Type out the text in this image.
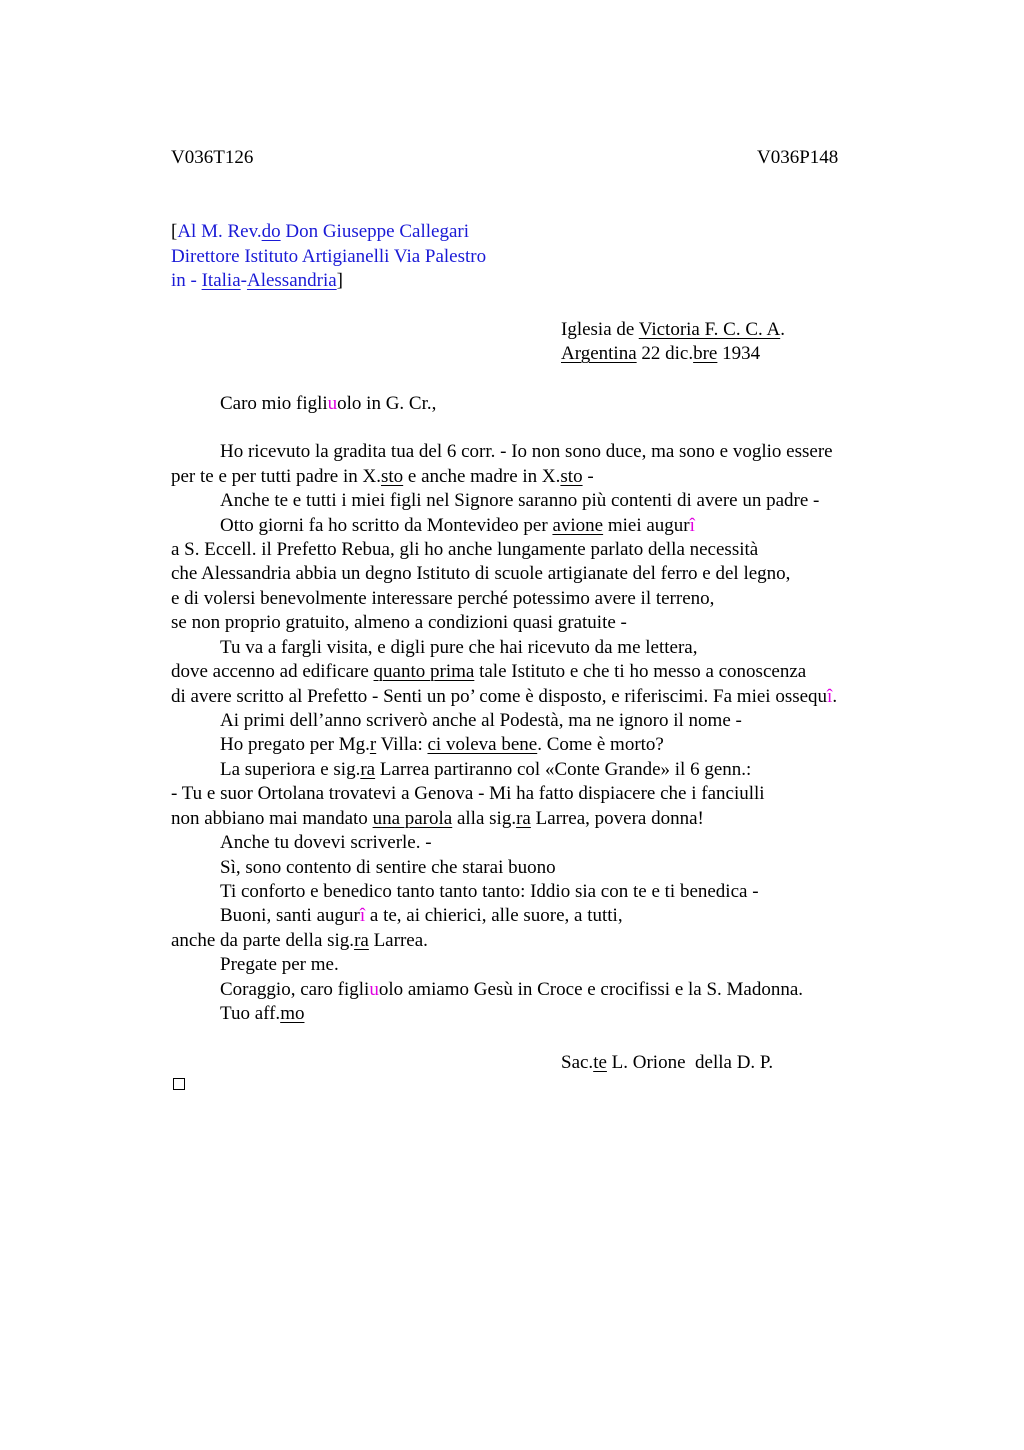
V036T126	V036P148
[Al M. Rev.do Don Giuseppe Callegari
Direttore Istituto Artigianelli Via Palestro
in - Italia-Alessandria]
Iglesia de Victoria F. C. C. A.
Argentina 22 dic.bre 1934
Caro mio figliuolo in G. Cr.,
Ho ricevuto la gradita tua del 6 corr. - Io non sono duce, ma sono e voglio essere
per te e per tutti padre in X.sto e anche madre in X.sto -
Anche te e tutti i miei figli nel Signore saranno più contenti di avere un padre -
Otto giorni fa ho scritto da Montevideo per avione miei augurî
a S. Eccell. il Prefetto Rebua, gli ho anche lungamente parlato della necessità
che Alessandria abbia un degno Istituto di scuole artigianate del ferro e del legno,
e di volersi benevolmente interessare perché potessimo avere il terreno,
se non proprio gratuito, almeno a condizioni quasi gratuite -
Tu va a fargli visita, e digli pure che hai ricevuto da me lettera,
dove accenno ad edificare quanto prima tale Istituto e che ti ho messo a conoscenza
di avere scritto al Prefetto - Senti un po’ come è disposto, e riferiscimi. Fa miei ossequî.
Ai primi dell’anno scriverò anche al Podestà, ma ne ignoro il nome -
Ho pregato per Mg.r Villa: ci voleva bene. Come è morto?
La superiora e sig.ra Larrea partiranno col «Conte Grande» il 6 genn.:
- Tu e suor Ortolana trovatevi a Genova - Mi ha fatto dispiacere che i fanciulli
non abbiano mai mandato una parola alla sig.ra Larrea, povera donna!
Anche tu dovevi scriverle. -
Sì, sono contento di sentire che starai buono
Ti conforto e benedico tanto tanto tanto: Iddio sia con te e ti benedica -
Buoni, santi augurî a te, ai chierici, alle suore, a tutti,
anche da parte della sig.ra Larrea.
Pregate per me.
Coraggio, caro figliuolo amiamo Gesù in Croce e crocifissi e la S. Madonna.
Tuo aff.mo
Sac.te L. Orione  della D. P.
